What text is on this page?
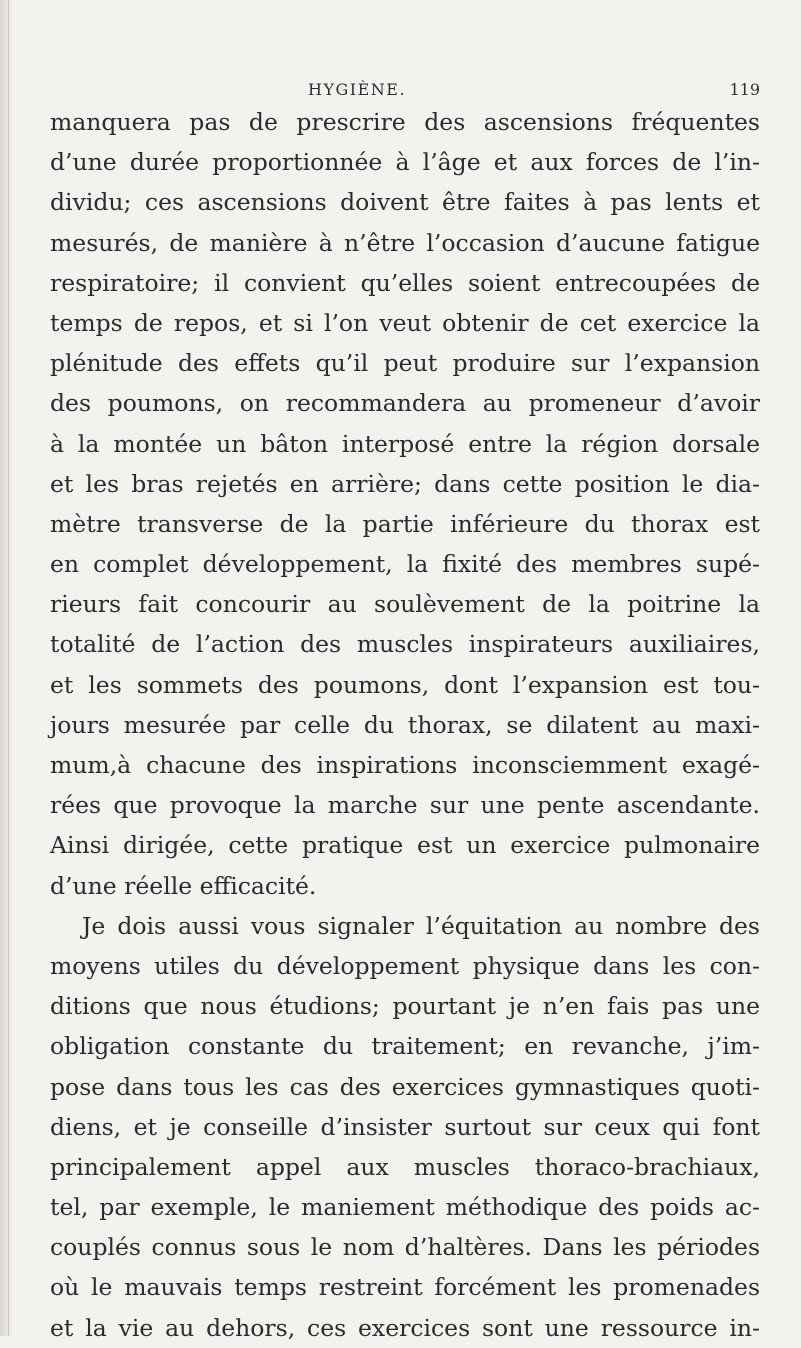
HYGIÈNE.	119
manquera pas de prescrire des ascensions fréquentes
d’une durée proportionnée à l’âge et aux forces de l’in-
dividu; ces ascensions doivent être faites à pas lents et
mesurés, de manière à n’être l’occasion d’aucune fatigue
respiratoire; il convient qu’elles soient entrecoupées de
temps de repos, et si l’on veut obtenir de cet exercice la
plénitude des effets qu’il peut produire sur l’expansion
des poumons, on recommandera au promeneur d’avoir
à la montée un bâton interposé entre la région dorsale
et les bras rejetés en arrière; dans cette position le dia-
mètre transverse de la partie inférieure du thorax est
en complet développement, la fixité des membres supé-
rieurs fait concourir au soulèvement de la poitrine la
totalité de l’action des muscles inspirateurs auxiliaires,
et les sommets des poumons, dont l’expansion est tou-
jours mesurée par celle du thorax, se dilatent au maxi-
mum,à chacune des inspirations inconsciemment exagé-
rées que provoque la marche sur une pente ascendante.
Ainsi dirigée, cette pratique est un exercice pulmonaire
d’une réelle efficacité.
Je dois aussi vous signaler l’équitation au nombre des
moyens utiles du développement physique dans les con-
ditions que nous étudions; pourtant je n’en fais pas une
obligation constante du traitement; en revanche, j’im-
pose dans tous les cas des exercices gymnastiques quoti-
diens, et je conseille d’insister surtout sur ceux qui font
principalement appel aux muscles thoraco-brachiaux,
tel, par exemple, le maniement méthodique des poids ac-
couplés connus sous le nom d’haltères. Dans les périodes
où le mauvais temps restreint forcément les promenades
et la vie au dehors, ces exercices sont une ressource in-
